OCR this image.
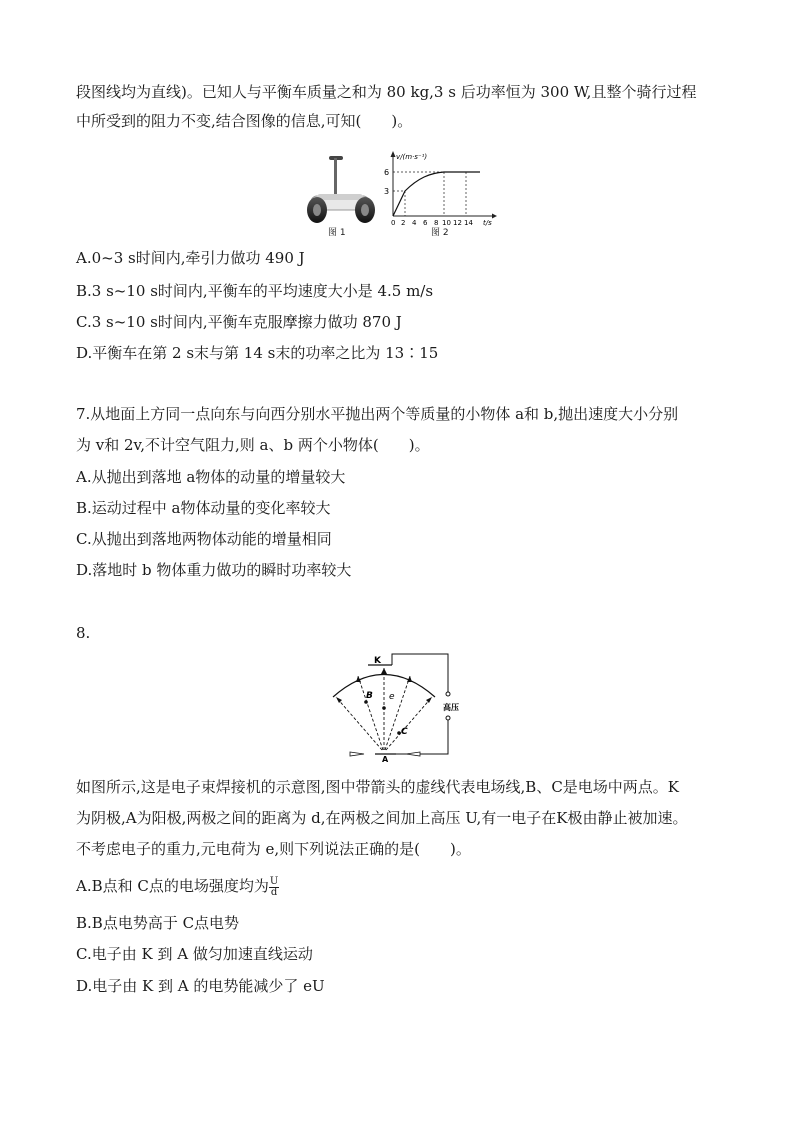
段图线均为直线)。已知人与平衡车质量之和为 80 kg,3 s 后功率恒为 300 W,且整个骑行过程
中所受到的阻力不变,结合图像的信息,可知(　　)。
图 1
6
3
0 2 4 6 8 10 12 14
v/(m·s⁻¹)
t/s
图 2
A.0~3 s时间内,牵引力做功 490 J
B.3 s~10 s时间内,平衡车的平均速度大小是 4.5 m/s
C.3 s~10 s时间内,平衡车克服摩擦力做功 870 J
D.平衡车在第 2 s末与第 14 s末的功率之比为 13∶15
7.从地面上方同一点向东与向西分别水平抛出两个等质量的小物体 a和 b,抛出速度大小分别
为 v和 2v,不计空气阻力,则 a、b 两个小物体(　　)。
A.从抛出到落地 a物体的动量的增量较大
B.运动过程中 a物体动量的变化率较大
C.从抛出到落地两物体动能的增量相同
D.落地时 b 物体重力做功的瞬时功率较大
8.
K
高压
A
B
C
e
如图所示,这是电子束焊接机的示意图,图中带箭头的虚线代表电场线,B、C是电场中两点。K
为阴极,A为阳极,两极之间的距离为 d,在两极之间加上高压 U,有一电子在K极由静止被加速。
不考虑电子的重力,元电荷为 e,则下列说法正确的是(　　)。
A.B点和 C点的电场强度均为 $\frac{U}{d}$
B.B点电势高于 C点电势
C.电子由 K 到 A 做匀加速直线运动
D.电子由 K 到 A 的电势能减少了 eU
